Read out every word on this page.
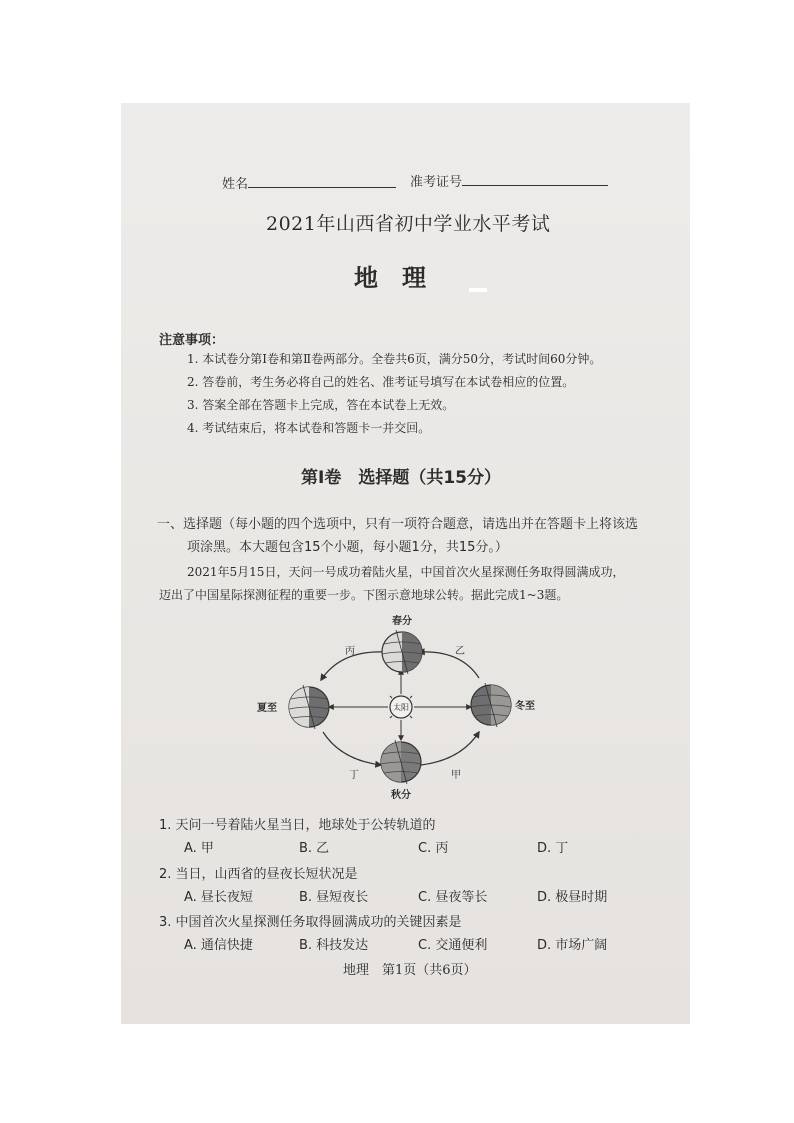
姓名	准考证号
2021年山西省初中学业水平考试
地　理
注意事项：
1. 本试卷分第Ⅰ卷和第Ⅱ卷两部分。全卷共6页，满分50分，考试时间60分钟。
2. 答卷前，考生务必将自己的姓名、准考证号填写在本试卷相应的位置。
3. 答案全部在答题卡上完成，答在本试卷上无效。
4. 考试结束后，将本试卷和答题卡一并交回。
第Ⅰ卷　选择题（共15分）
一、选择题（每小题的四个选项中，只有一项符合题意，请选出并在答题卡上将该选
项涂黑。本大题包含15个小题，每小题1分，共15分。）
2021年5月15日，天问一号成功着陆火星，中国首次火星探测任务取得圆满成功，
迈出了中国星际探测征程的重要一步。下图示意地球公转。据此完成1~3题。
太阳
春分
夏至	冬至
秋分
丙	乙
丁	甲
1. 天问一号着陆火星当日，地球处于公转轨道的
A. 甲	B. 乙	C. 丙	D. 丁
2. 当日，山西省的昼夜长短状况是
A. 昼长夜短	B. 昼短夜长	C. 昼夜等长	D. 极昼时期
3. 中国首次火星探测任务取得圆满成功的关键因素是
A. 通信快捷	B. 科技发达	C. 交通便利	D. 市场广阔
地理　第1页（共6页）
